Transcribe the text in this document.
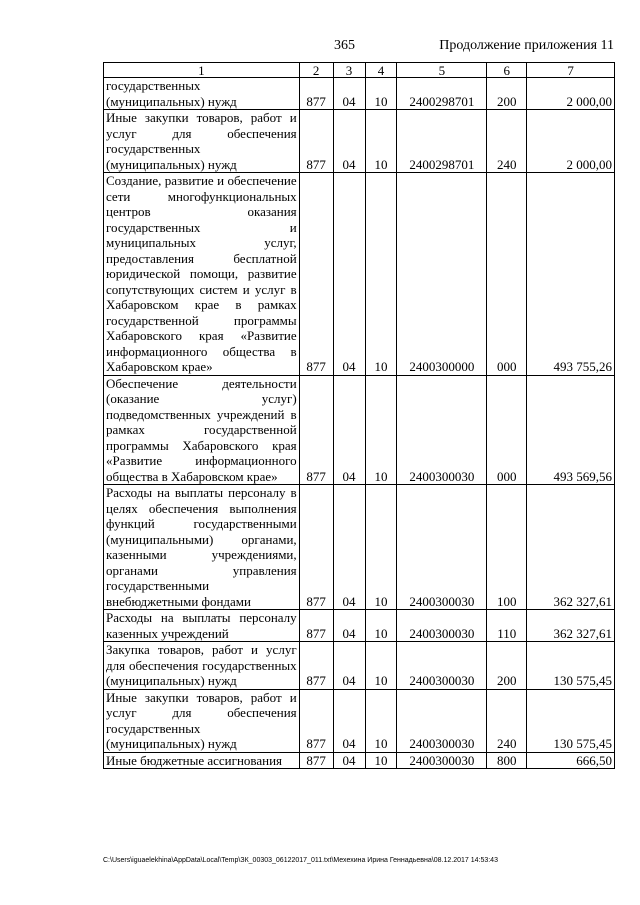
365	Продолжение приложения 11
1	2	3	4	5	6	7
государственных (муниципальных) нужд	877	04	10	2400298701	200	2 000,00
Иные закупки товаров, работ и услуг для обеспечения государственных (муниципальных) нужд	877	04	10	2400298701	240	2 000,00
Создание, развитие и обеспечение сети многофункциональных центров оказания государственных и муниципальных услуг, предоставления бесплатной юридической помощи, развитие сопутствующих систем и услуг в Хабаровском крае в рамках государственной программы Хабаровского края «Развитие информационного общества в Хабаровском крае»	877	04	10	2400300000	000	493 755,26
Обеспечение деятельности (оказание услуг) подведомственных учреждений в рамках государственной программы Хабаровского края «Развитие информационного общества в Хабаровском крае»	877	04	10	2400300030	000	493 569,56
Расходы на выплаты персоналу в целях обеспечения выполнения функций государственными (муниципальными) органами, казенными учреждениями, органами управления государственными внебюджетными фондами	877	04	10	2400300030	100	362 327,61
Расходы на выплаты персоналу казенных учреждений	877	04	10	2400300030	110	362 327,61
Закупка товаров, работ и услуг для обеспечения государственных (муниципальных) нужд	877	04	10	2400300030	200	130 575,45
Иные закупки товаров, работ и услуг для обеспечения государственных (муниципальных) нужд	877	04	10	2400300030	240	130 575,45
Иные бюджетные ассигнования	877	04	10	2400300030	800	666,50
C:\Users\iguaelekhina\AppData\Local\Temp\ЗК_00303_06122017_011.txt\Мехехина Ирина Геннадьевна\08.12.2017 14:53:43
